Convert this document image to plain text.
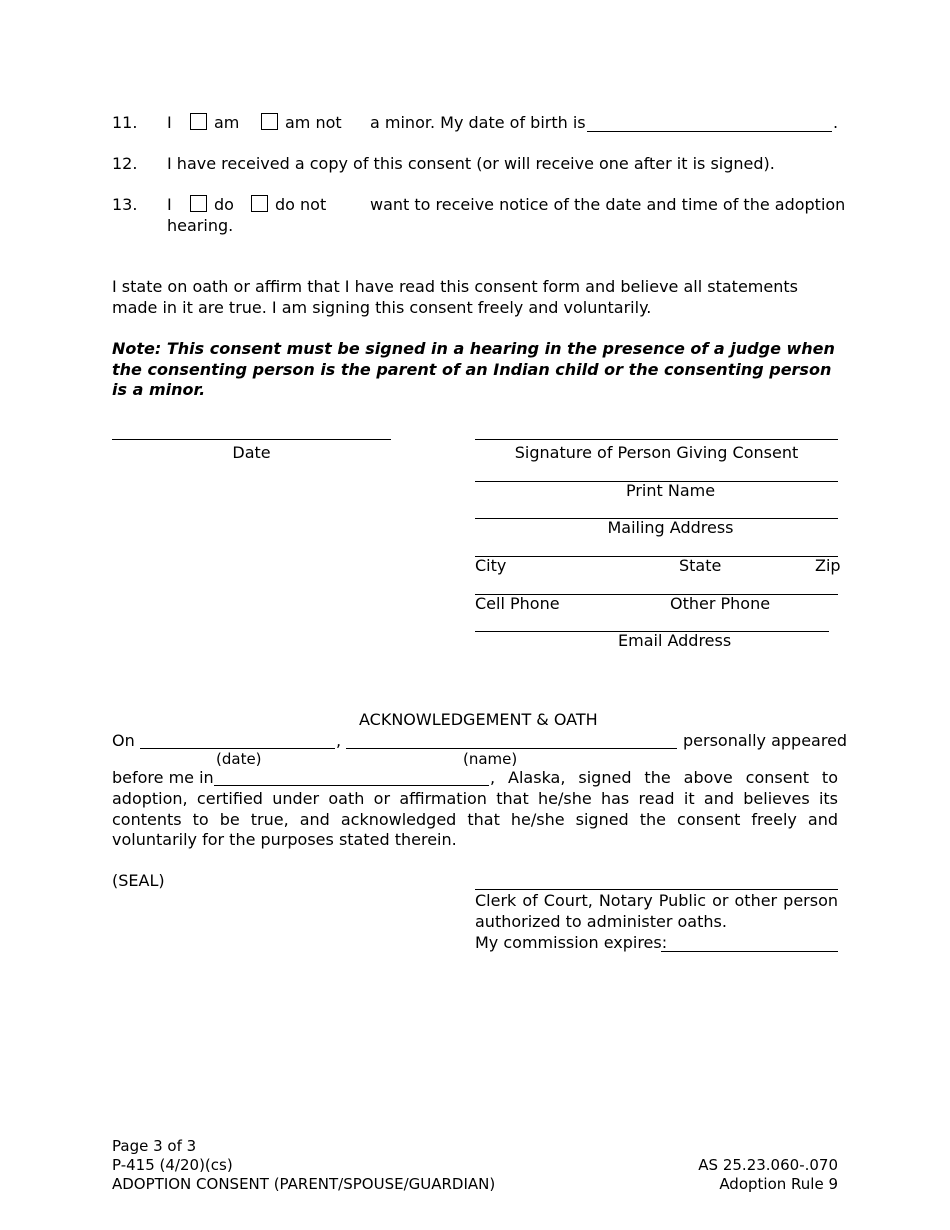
11. I	am	am not a minor. My date of birth is	.
12. I have received a copy of this consent (or will receive one after it is signed).
13. I	do	do not	want to receive notice of the date and time of the adoption
hearing.
I state on oath or affirm that I have read this consent form and believe all statements made in it are true. I am signing this consent freely and voluntarily.
Note: This consent must be signed in a hearing in the presence of a judge when the consenting person is the parent of an Indian child or the consenting person is a minor.
Date	Signature of Person Giving Consent
Print Name
Mailing Address
City	State	Zip
Cell Phone	Other Phone
Email Address
ACKNOWLEDGEMENT & OATH
On	,	personally appeared
(date)	(name)
before me in	, Alaska, signed the above consent to
adoption, certified under oath or affirmation that he/she has read it and believes its contents to be true, and acknowledged that he/she signed the consent freely and voluntarily for the purposes stated therein.
(SEAL)
Clerk of Court, Notary Public or other person authorized to administer oaths.
My commission expires:
Page 3 of 3
P-415 (4/20)(cs)
ADOPTION CONSENT (PARENT/SPOUSE/GUARDIAN)
AS 25.23.060-.070
Adoption Rule 9
